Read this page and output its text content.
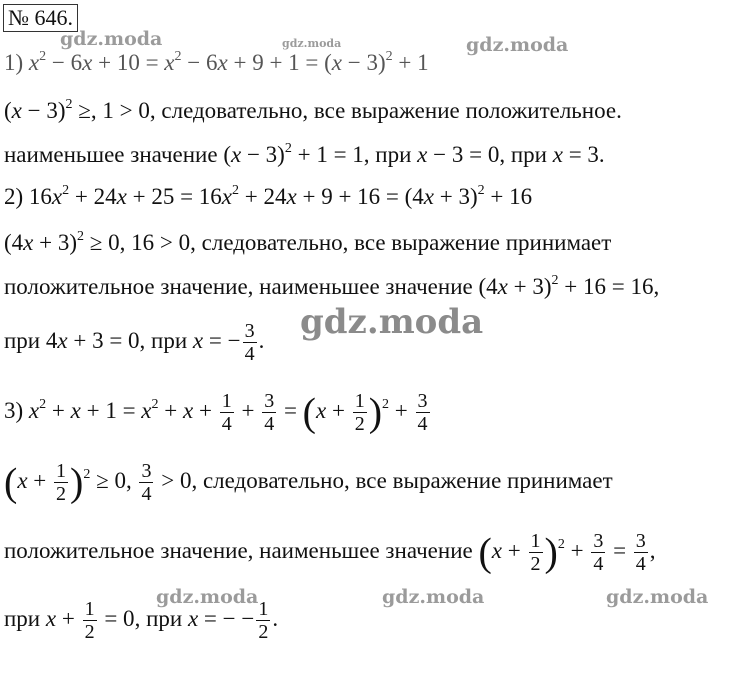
№ 646.
1) $x^2 - 6x + 10 = x^2 - 6x + 9 + 1 = (x - 3)^2 + 1$
$(x - 3)^2$ ≥, 1 > 0, следовательно, все выражение положительное.
наименьшее значение $(x - 3)^2 + 1 = 1$, при x − 3 = 0, при x = 3.
2) $16x^2 + 24x + 25 = 16x^2 + 24x + 9 + 16 = (4x + 3)^2 + 16$
$(4x + 3)^2 \ge 0$, 16 > 0, следовательно, все выражение принимает
положительное значение, наименьшее значение $(4x + 3)^2 + 16 = 16$,
при 4x + 3 = 0, при x = − $\frac{3}{4}$ .
3) $x^2 + x + 1 = x^2 + x + \frac{1}{4} + \frac{3}{4} = (x + \frac{1}{2} )^2 + \frac{3}{4}$
$(x + \frac{1}{2} )^2 \ge 0$, $\frac{3}{4} > 0$, следовательно, все выражение принимает
положительное значение, наименьшее значение $(x + \frac{1}{2} )^2 + \frac{3}{4} = \frac{3}{4}$ ,
при $x + \frac{1}{2} = 0$, при x = − − $\frac{1}{2}$ .
gdz.moda	gdz.moda	gdz.moda
gdz.moda
gdz.moda	gdz.moda	gdz.moda
